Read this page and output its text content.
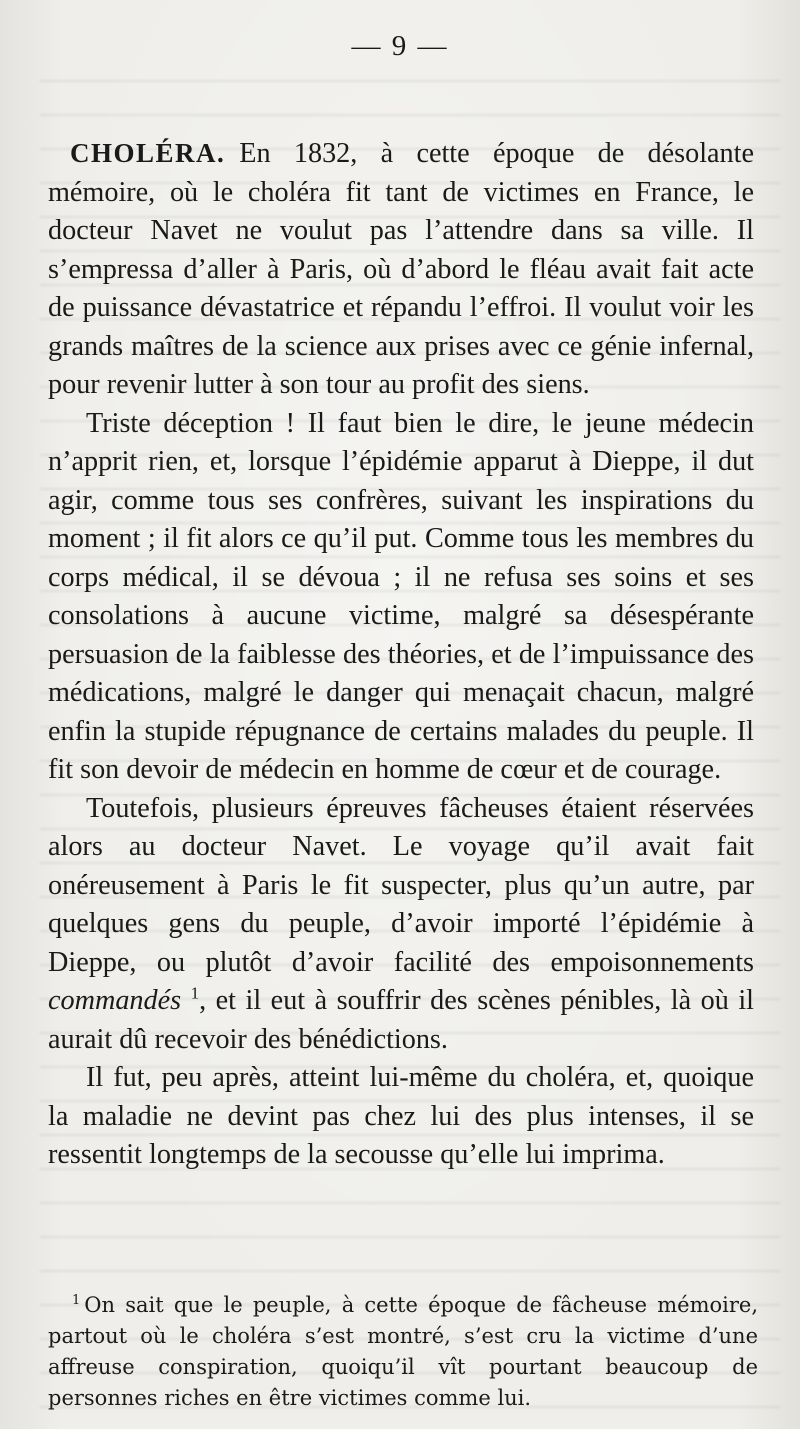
— 9 —

CHOLÉRA. En 1832, à cette époque de désolante mémoire, où le choléra fit tant de victimes en France, le docteur Navet ne voulut pas l’attendre dans sa ville. Il s’empressa d’aller à Paris, où d’abord le fléau avait fait acte de puissance dévastatrice et répandu l’effroi. Il voulut voir les grands maîtres de la science aux prises avec ce génie infernal, pour revenir lutter à son tour au profit des siens.

Triste déception ! Il faut bien le dire, le jeune médecin n’apprit rien, et, lorsque l’épidémie apparut à Dieppe, il dut agir, comme tous ses confrères, suivant les inspirations du moment ; il fit alors ce qu’il put. Comme tous les membres du corps médical, il se dévoua ; il ne refusa ses soins et ses consolations à aucune victime, malgré sa désespérante persuasion de la faiblesse des théories, et de l’impuissance des médications, malgré le danger qui menaçait chacun, malgré enfin la stupide répugnance de certains malades du peuple. Il fit son devoir de médecin en homme de cœur et de courage.

Toutefois, plusieurs épreuves fâcheuses étaient réservées alors au docteur Navet. Le voyage qu’il avait fait onéreusement à Paris le fit suspecter, plus qu’un autre, par quelques gens du peuple, d’avoir importé l’épidémie à Dieppe, ou plutôt d’avoir facilité des empoisonnements commandés $^1$, et il eut à souffrir des scènes pénibles, là où il aurait dû recevoir des bénédictions.

Il fut, peu après, atteint lui-même du choléra, et, quoique la maladie ne devint pas chez lui des plus intenses, il se ressentit longtemps de la secousse qu’elle lui imprima.

$^1$ On sait que le peuple, à cette époque de fâcheuse mémoire, partout où le choléra s’est montré, s’est cru la victime d’une affreuse conspiration, quoiqu’il vît pourtant beaucoup de personnes riches en être victimes comme lui.
